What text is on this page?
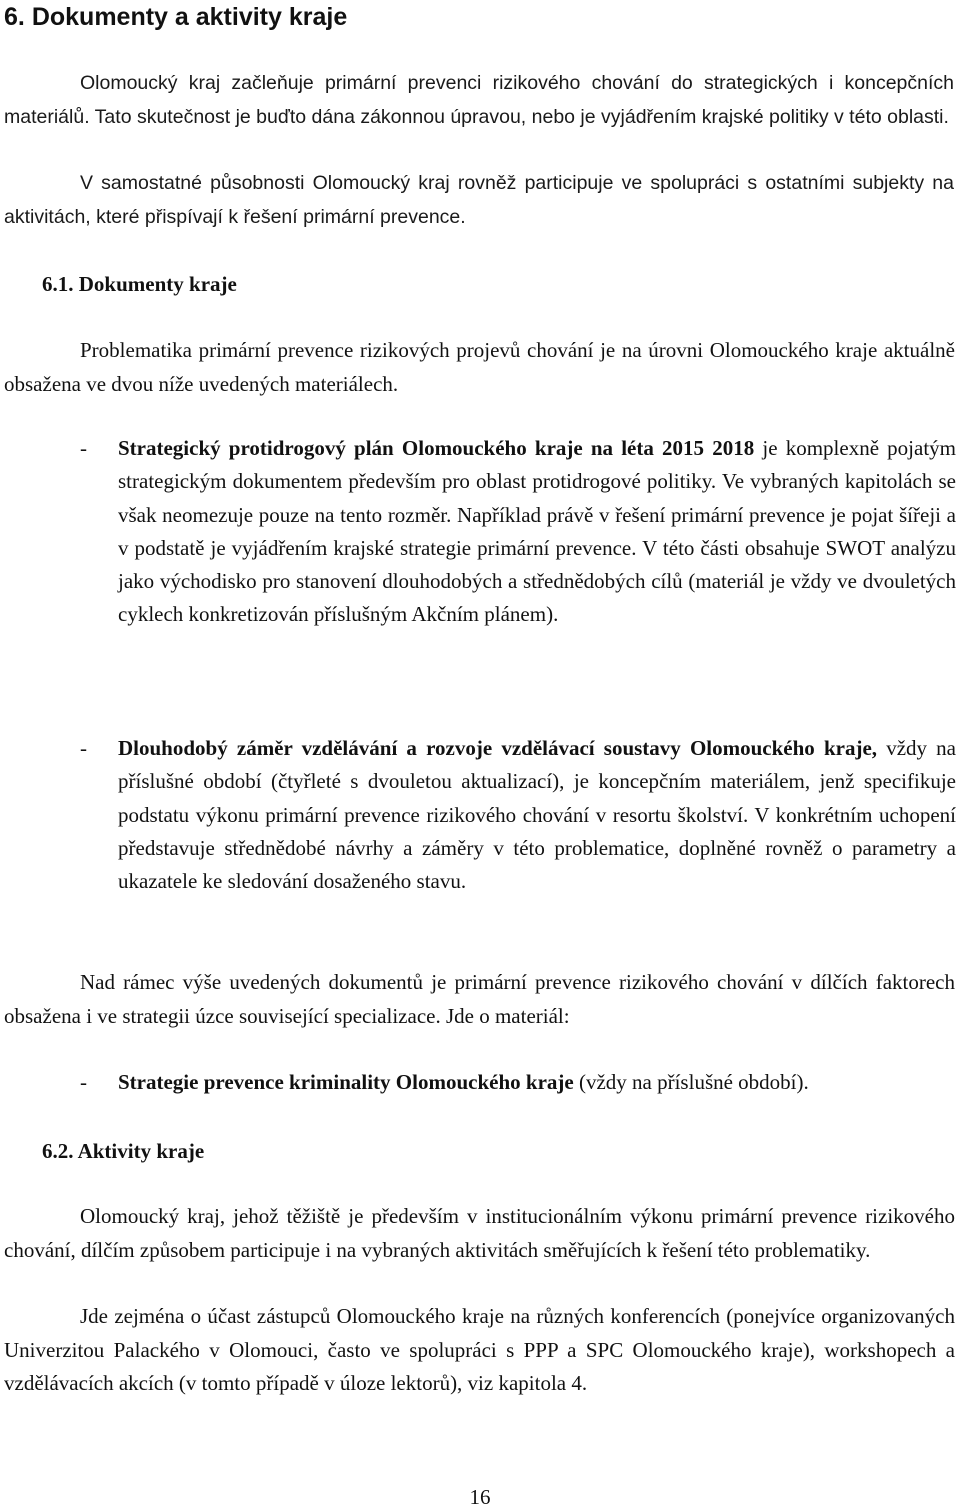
6. Dokumenty a aktivity kraje

Olomoucký kraj začleňuje primární prevenci rizikového chování do strategických i koncepčních materiálů. Tato skutečnost je buďto dána zákonnou úpravou, nebo je vyjádřením krajské politiky v této oblasti.

V samostatné působnosti Olomoucký kraj rovněž participuje ve spolupráci s ostatními subjekty na aktivitách, které přispívají k řešení primární prevence.

6.1. Dokumenty kraje

Problematika primární prevence rizikových projevů chování je na úrovni Olomouckého kraje aktuálně obsažena ve dvou níže uvedených materiálech.

- Strategický protidrogový plán Olomouckého kraje na léta 2015 2018 je komplexně pojatým strategickým dokumentem především pro oblast protidrogové politiky. Ve vybraných kapitolách se však neomezuje pouze na tento rozměr. Například právě v řešení primární prevence je pojat šířeji a v podstatě je vyjádřením krajské strategie primární prevence. V této části obsahuje SWOT analýzu jako východisko pro stanovení dlouhodobých a střednědobých cílů (materiál je vždy ve dvouletých cyklech konkretizován příslušným Akčním plánem).

- Dlouhodobý záměr vzdělávání a rozvoje vzdělávací soustavy Olomouckého kraje, vždy na příslušné období (čtyřleté s dvouletou aktualizací), je koncepčním materiálem, jenž specifikuje podstatu výkonu primární prevence rizikového chování v resortu školství. V konkrétním uchopení představuje střednědobé návrhy a záměry v této problematice, doplněné rovněž o parametry a ukazatele ke sledování dosaženého stavu.

Nad rámec výše uvedených dokumentů je primární prevence rizikového chování v dílčích faktorech obsažena i ve strategii úzce související specializace. Jde o materiál:

- Strategie prevence kriminality Olomouckého kraje (vždy na příslušné období).

6.2. Aktivity kraje

Olomoucký kraj, jehož těžiště je především v institucionálním výkonu primární prevence rizikového chování, dílčím způsobem participuje i na vybraných aktivitách směřujících k řešení této problematiky.

Jde zejména o účast zástupců Olomouckého kraje na různých konferencích (ponejvíce organizovaných Univerzitou Palackého v Olomouci, často ve spolupráci s PPP a SPC Olomouckého kraje), workshopech a vzdělávacích akcích (v tomto případě v úloze lektorů), viz kapitola 4.

16
